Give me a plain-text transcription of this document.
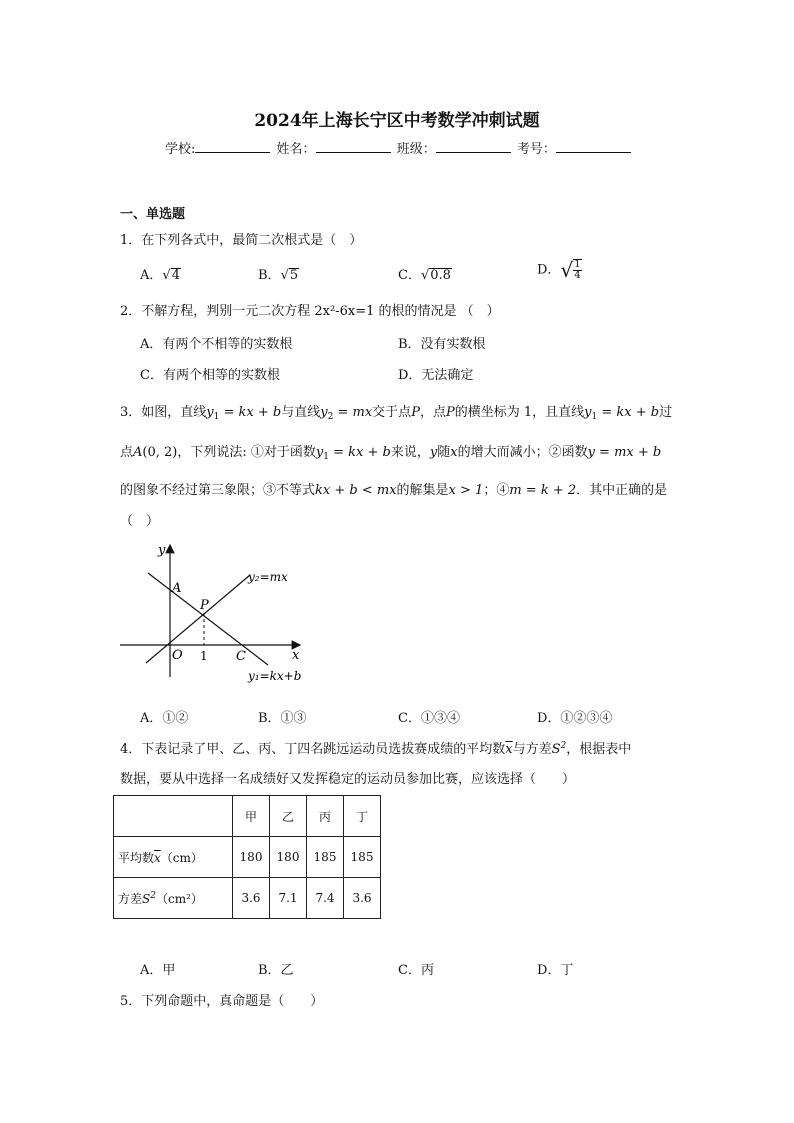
2024年上海长宁区中考数学冲刺试题
学校:	姓名：	班级：	考号：
一、单选题
1．在下列各式中，最简二次根式是（　）
A．√4	B．√5	C．√0.8	D．√ $\frac{1}{4}$
2．不解方程，判别一元二次方程 2x²-6x=1 的根的情况是 （　）
A．有两个不相等的实数根	B．没有实数根
C．有两个相等的实数根	D．无法确定
3．如图，直线$y_1$ = kx + b与直线$y_2$ = mx交于点P，点P的横坐标为 1，且直线$y_1$ = kx + b过
点A(0, 2)，下列说法: ①对于函数$y_1$ = kx + b来说，y随x的增大而减小；②函数y = mx + b
的图象不经过第三象限；③不等式kx + b < mx的解集是x > 1；④m = k + 2．其中正确的是
（　）
y
x
A
P
O 1 C
y₂=mx
y₁=kx+b
A．①②	B．①③	C．①③④	D．①②③④
4．下表记录了甲、乙、丙、丁四名跳远运动员选拔赛成绩的平均数$\overline{x}$与方差$S^2$，根据表中
数据，要从中选择一名成绩好又发挥稳定的运动员参加比赛，应该选择（　　）
	甲	乙	丙	丁
平均数$\overline{x}(cm)$	180	180	185	185
方差$S^2(cm^2)$	3.6	7.1	7.4	3.6
A．甲	B．乙	C．丙	D．丁
5．下列命题中，真命题是（　　）
